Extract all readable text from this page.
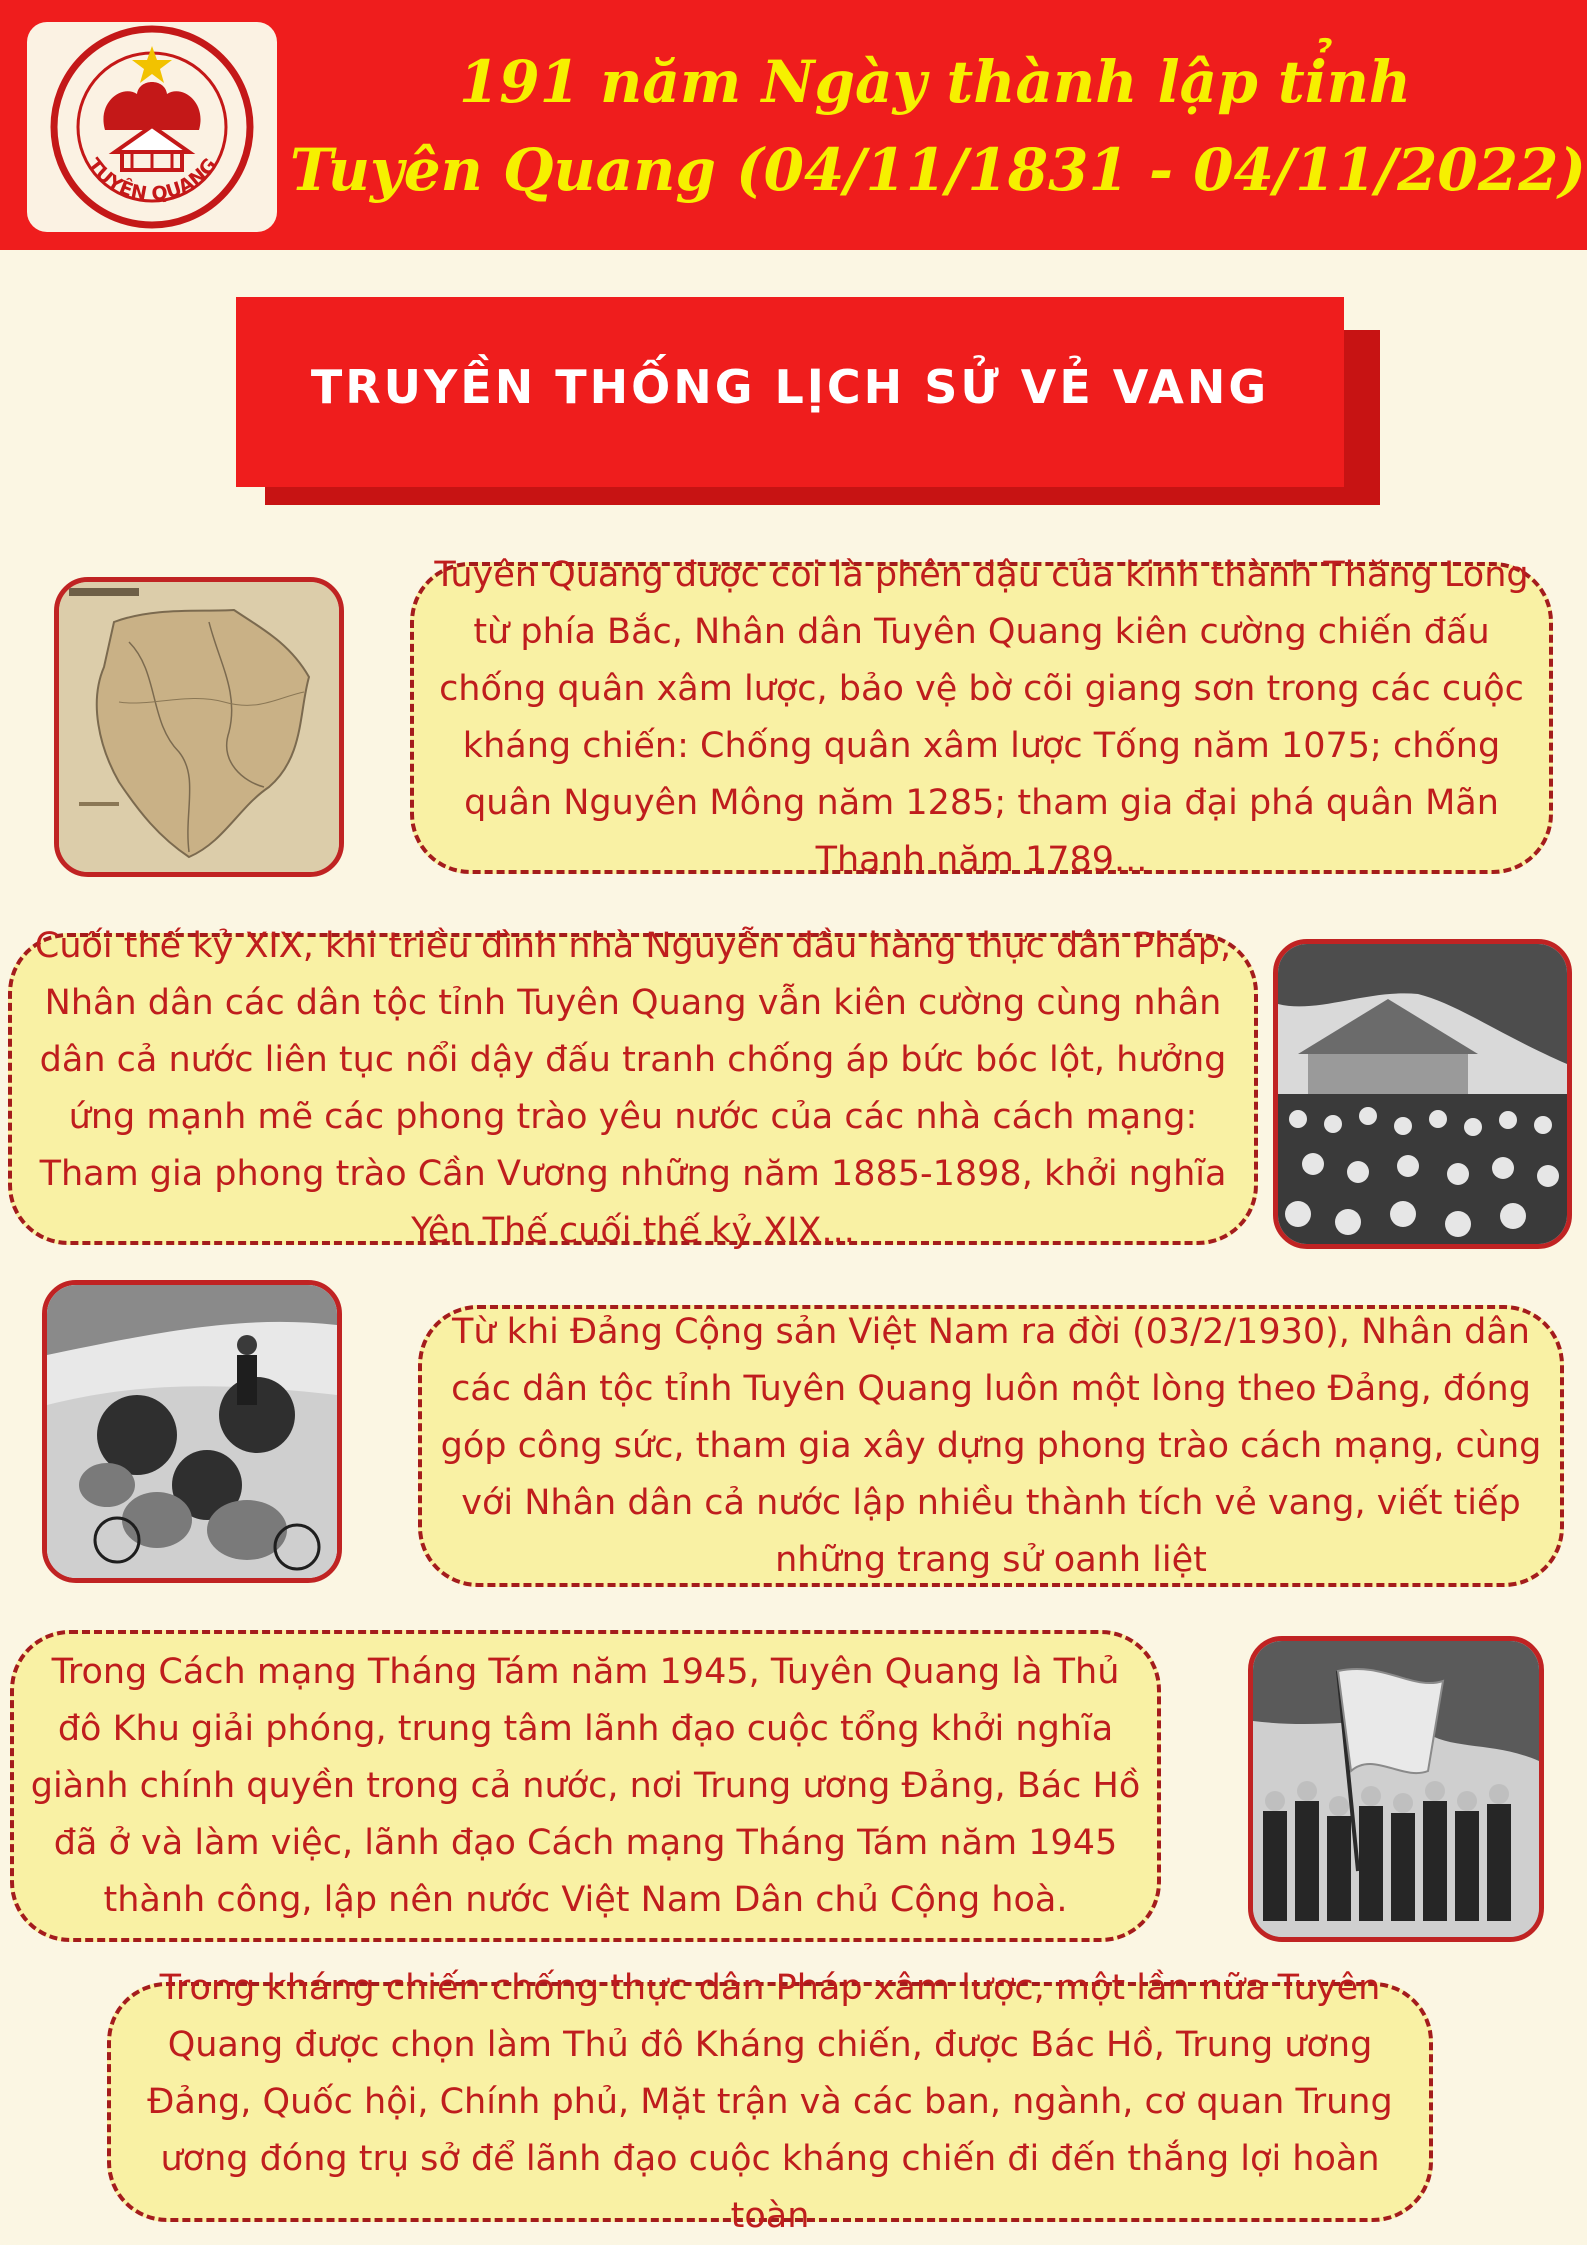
TUYÊN QUANG
191 năm Ngày thành lập tỉnh
Tuyên Quang (04/11/1831 - 04/11/2022)
TRUYỀN THỐNG LỊCH SỬ VẺ VANG

Tuyên Quang được coi là phên dậu của kinh thành Thăng Long từ phía Bắc, Nhân dân Tuyên Quang kiên cường chiến đấu chống quân xâm lược, bảo vệ bờ cõi giang sơn trong các cuộc kháng chiến: Chống quân xâm lược Tống năm 1075; chống quân Nguyên Mông năm 1285; tham gia đại phá quân Mãn Thanh năm 1789...

Cuối thế kỷ XIX, khi triều đình nhà Nguyễn đầu hàng thực dân Pháp, Nhân dân các dân tộc tỉnh Tuyên Quang vẫn kiên cường cùng nhân dân cả nước liên tục nổi dậy đấu tranh chống áp bức bóc lột, hưởng ứng mạnh mẽ các phong trào yêu nước của các nhà cách mạng: Tham gia phong trào Cần Vương những năm 1885-1898, khởi nghĩa Yên Thế cuối thế kỷ XIX...

Từ khi Đảng Cộng sản Việt Nam ra đời (03/2/1930), Nhân dân các dân tộc tỉnh Tuyên Quang luôn một lòng theo Đảng, đóng góp công sức, tham gia xây dựng phong trào cách mạng, cùng với Nhân dân cả nước lập nhiều thành tích vẻ vang, viết tiếp những trang sử oanh liệt

Trong Cách mạng Tháng Tám năm 1945, Tuyên Quang là Thủ đô Khu giải phóng, trung tâm lãnh đạo cuộc tổng khởi nghĩa giành chính quyền trong cả nước, nơi Trung ương Đảng, Bác Hồ đã ở và làm việc, lãnh đạo Cách mạng Tháng Tám năm 1945 thành công, lập nên nước Việt Nam Dân chủ Cộng hoà.

Trong kháng chiến chống thực dân Pháp xâm lược, một lần nữa Tuyên Quang được chọn làm Thủ đô Kháng chiến, được Bác Hồ, Trung ương Đảng, Quốc hội, Chính phủ, Mặt trận và các ban, ngành, cơ quan Trung ương đóng trụ sở để lãnh đạo cuộc kháng chiến đi đến thắng lợi hoàn toàn
